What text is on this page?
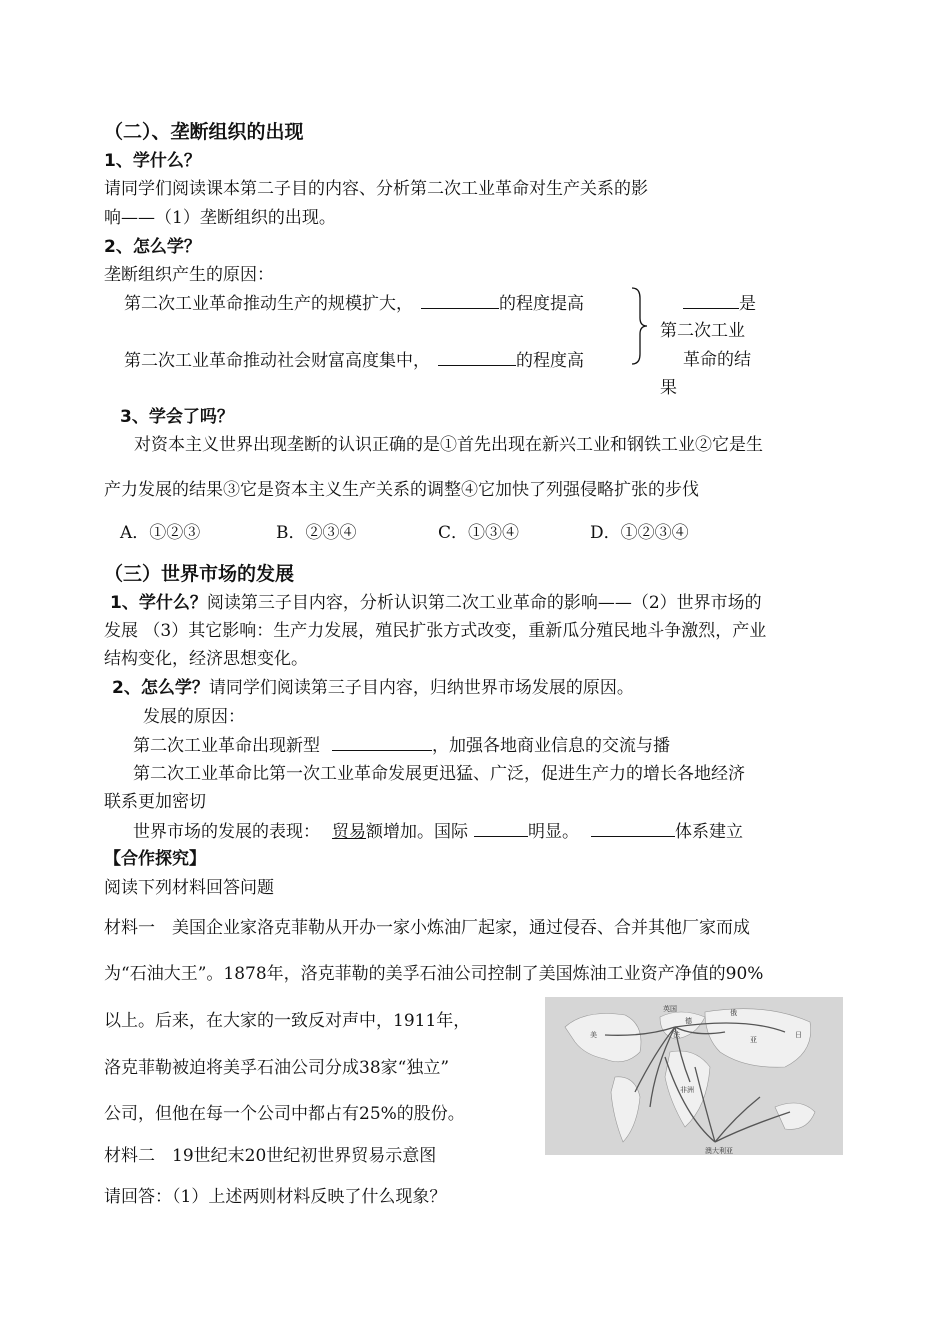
（二）、垄断组织的出现
1、学什么？
请同学们阅读课本第二子目的内容、分析第二次工业革命对生产关系的影
响——（1）垄断组织的出现。
2、怎么学？
垄断组织产生的原因：
第二次工业革命推动生产的规模扩大，	的程度提高
第二次工业革命推动社会财富高度集中，	的程度高
是
第二次工业
革命的结
果
3、学会了吗？
对资本主义世界出现垄断的认识正确的是①首先出现在新兴工业和钢铁工业②它是生
产力发展的结果③它是资本主义生产关系的调整④它加快了列强侵略扩张的步伐
A．①②③	B．②③④	C．①③④	D．①②③④
（三）世界市场的发展
1、学什么？阅读第三子目内容，分析认识第二次工业革命的影响——（2）世界市场的
发展 （3）其它影响：生产力发展，殖民扩张方式改变，重新瓜分殖民地斗争激烈，产业
结构变化，经济思想变化。
2、怎么学？请同学们阅读第三子目内容，归纳世界市场发展的原因。
发展的原因：
第二次工业革命出现新型	，加强各地商业信息的交流与播
第二次工业革命比第一次工业革命发展更迅猛、广泛，促进生产力的增长各地经济
联系更加密切
世界市场的发展的表现： 贸易额增加。国际	明显。	体系建立
【合作探究】
阅读下列材料回答问题
材料一　美国企业家洛克菲勒从开办一家小炼油厂起家，通过侵吞、合并其他厂家而成
为“石油大王”。1878年，洛克菲勒的美孚石油公司控制了美国炼油工业资产净值的90%
以上。后来，在大家的一致反对声中，1911年，
洛克菲勒被迫将美孚石油公司分成38家“独立”
公司，但他在每一个公司中都占有25%的股份。
材料二　19世纪末20世纪初世界贸易示意图
请回答：（1）上述两则材料反映了什么现象？
英国
德
法
俄
亚
日
非洲
美
澳大利亚
